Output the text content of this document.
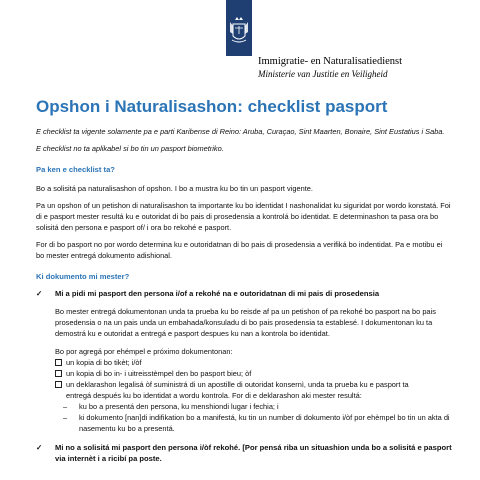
Immigratie- en Naturalisatiedienst
Ministerie van Justitie en Veiligheid
Opshon i Naturalisashon: checklist pasport

E checklist ta vigente solamente pa e parti Karibense di Reino: Aruba, Curaçao, Sint Maarten, Bonaire, Sint Eustatius i Saba.

E checklist no ta aplikabel si bo tin un pasport biometriko.

Pa ken e checklist ta?

Bo a solisitá pa naturalisashon of opshon. I bo a mustra ku bo tin un pasport vigente.

Pa un opshon of un petishon di naturalisashon ta importante ku bo identidat I nashonalidat ku siguridat por wordo konstatá. Foi di e pasport mester resultá ku e outoridat di bo pais di prosedensia a kontrolá bo identidat. E determinashon ta pasa ora bo solisitá den persona e pasport of/ i ora bo rekohé e pasport.

For di bo pasport no por wordo determina ku e outoridatnan di bo pais di prosedensia a verifiká bo indentidat. Pa e motibu ei bo mester entregá dokumento adishional.

Ki dokumento mi mester?
✓	Mi a pidi mi pasport den persona i/of a rekohé na e outoridatnan di mi pais di prosedensia

Bo mester entregá dokumentonan unda ta prueba ku bo reisde af pa un petishon of pa rekohé bo pasport na bo pais prosedensia o na un pais unda un embahada/konsuladu di bo pais prosedensia ta establesé. I dokumentonan ku ta demostrá ku e outoridat a entregá e pasport despues ku nan a kontrola bo identidat.

Bo por agregá por ehémpel e próximo dokumentonan:

un kopia di bo tikèt; i/òf
un kopia di bo in- i uitreisstèmpel den bo pasport bieu; òf
un deklarashon legalisá òf suministrá di un apostille di outoridat konsernì, unda ta prueba ku e pasport ta
entregá después ku bo identidat a wordu kontrola. For di e deklarashon aki mester resultá:
–	ku bo a presentá den persona, ku menshiondi lugar i fechia; i
–	ki dokumento [nan]di indifikation bo a manifestá, ku tin un number di dokumento i/òf por ehèmpel bo tin un akta di nasementu ku bo a presentá.
✓	Mi no a solisitá mi pasport den persona i/òf rekohé. [Por pensá riba un situashion unda bo a solisitá e pasport via internèt i a ricibí pa poste.
